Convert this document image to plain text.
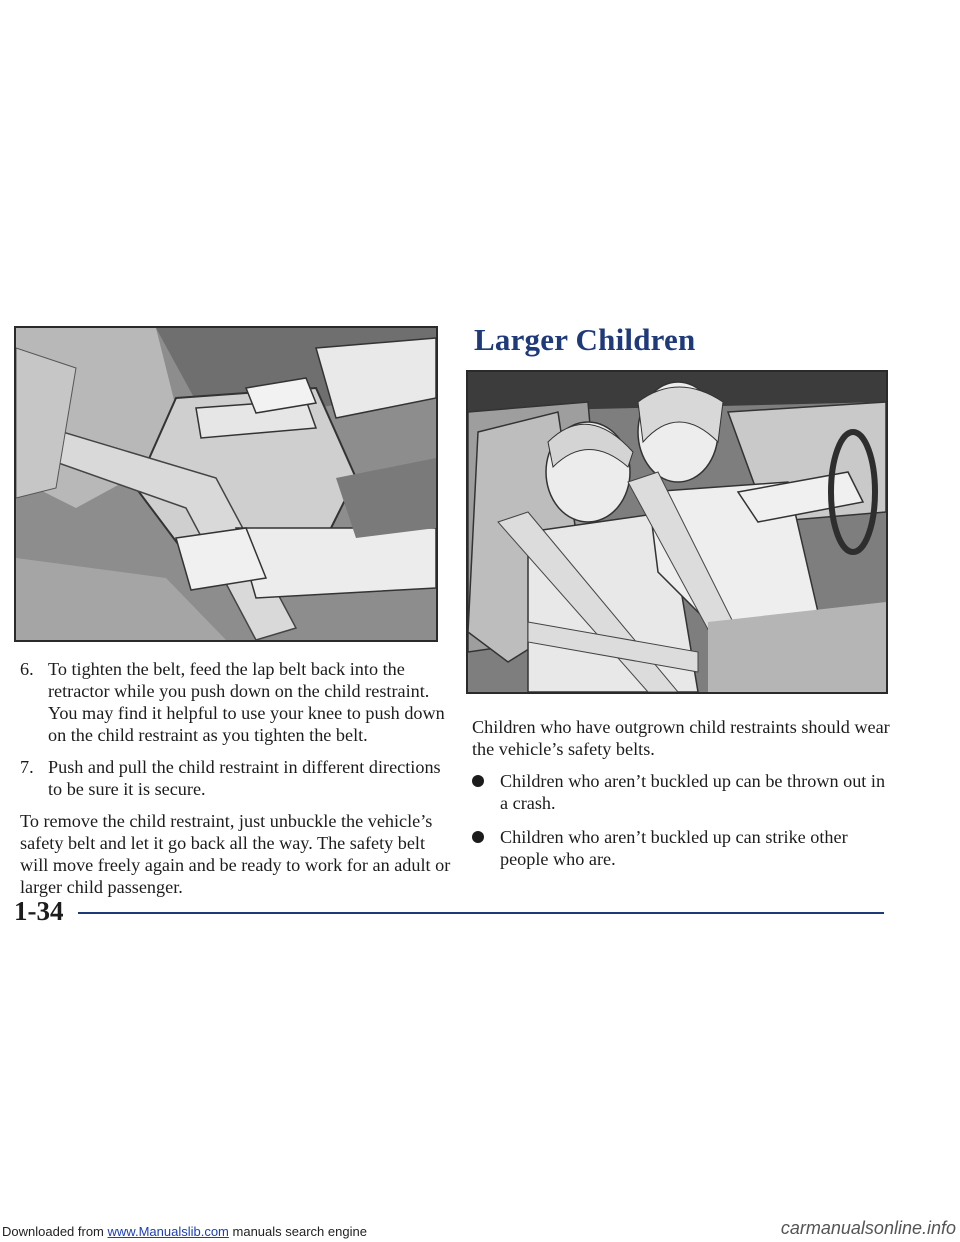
6. To tighten the belt, feed the lap belt back into the retractor while you push down on the child restraint. You may find it helpful to use your knee to push down on the child restraint as you tighten the belt.
7. Push and pull the child restraint in different directions to be sure it is secure.

To remove the child restraint, just unbuckle the vehicle’s safety belt and let it go back all the way. The safety belt will move freely again and be ready to work for an adult or larger child passenger.

Larger Children

Children who have outgrown child restraints should wear the vehicle’s safety belts.

Children who aren’t buckled up can be thrown out in a crash.
Children who aren’t buckled up can strike other people who are.
1-34
Downloaded from www.Manualslib.com manuals search engine	carmanualsonline.info
